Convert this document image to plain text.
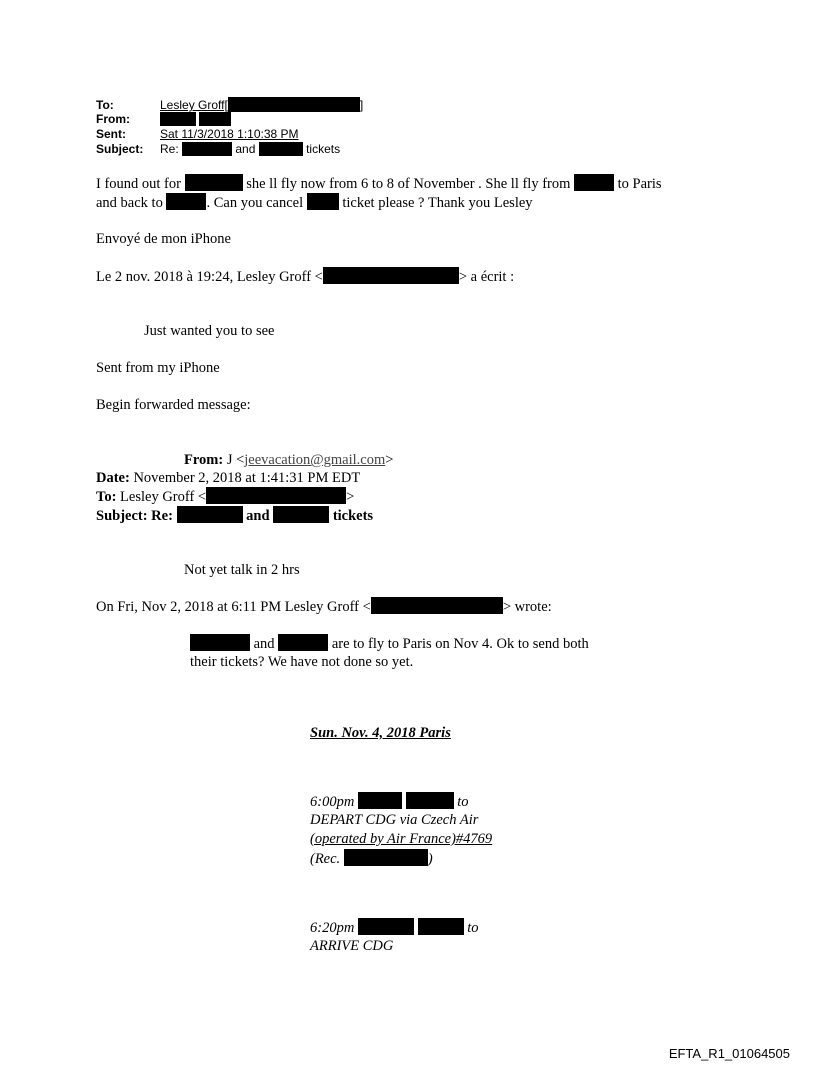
To:	Lesley Groff[	]
From:
Sent:	Sat 11/3/2018 1:10:38 PM
Subject: Re:	and	tickets
I found out for	she ll fly now from 6 to 8 of November . She ll fly from	to Paris
and back to	. Can you cancel	ticket please ? Thank you Lesley
Envoyé de mon iPhone
Le 2 nov. 2018 à 19:24, Lesley Groff <	> a écrit :
Just wanted you to see
Sent from my iPhone
Begin forwarded message:
From: J <jeevacation@gmail.com>
Date: November 2, 2018 at 1:41:31 PM EDT
To: Lesley Groff <	>
Subject: Re:	and	tickets
Not yet talk in 2 hrs
On Fri, Nov 2, 2018 at 6:11 PM Lesley Groff <	> wrote:
and	are to fly to Paris on Nov 4. Ok to send both
their tickets? We have not done so yet.
Sun. Nov. 4, 2018 Paris
6:00pm	to
DEPART CDG via Czech Air
(operated by Air France)#4769
(Rec.	)
6:20pm	to
ARRIVE CDG
EFTA_R1_01064505
